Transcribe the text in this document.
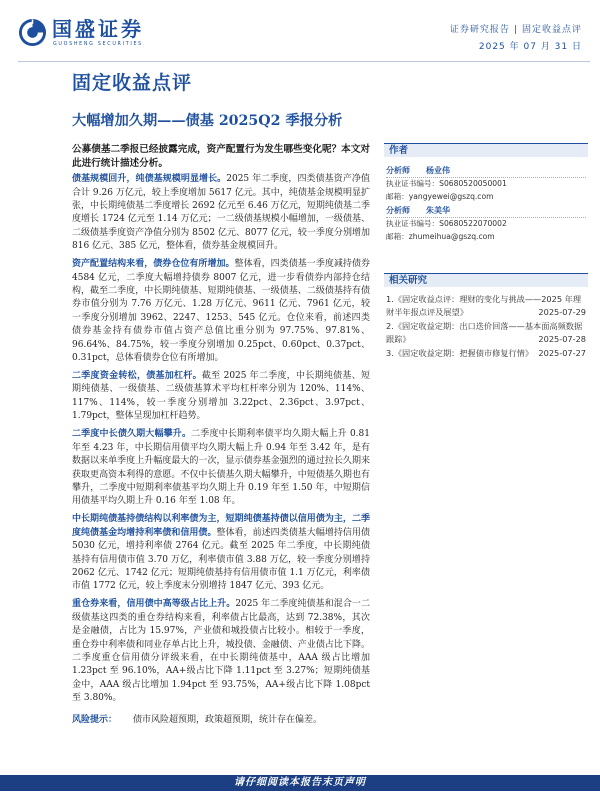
国盛证券
GUOSHENG SECURITIES
证券研究报告 | 固定收益点评
2025 年 07 月 31 日
固定收益点评
大幅增加久期——债基 2025Q2 季报分析

公募债基二季报已经披露完成，资产配置行为发生哪些变化呢？本文对此进行统计描述分析。

债基规模回升，纯债基规模明显增长。2025 年二季度，四类债基资产净值合计 9.26 万亿元，较上季度增加 5617 亿元。其中，纯债基金规模明显扩张，中长期纯债基二季度增长 2692 亿元至 6.46 万亿元，短期纯债基二季度增长 1724 亿元至 1.14 万亿元；一二级债基规模小幅增加，一级债基、二级债基季度资产净值分别为 8502 亿元、8077 亿元，较一季度分别增加 816 亿元、385 亿元，整体看，债券基金规模回升。

资产配置结构来看，债券仓位有所增加。整体看，四类债基一季度减持债券 4584 亿元，二季度大幅增持债券 8007 亿元，进一步看债券内部持仓结构，截至二季度，中长期纯债基、短期纯债基、一级债基、二级债基持有债券市值分别为 7.76 万亿元、1.28 万亿元、9611 亿元、7961 亿元，较一季度分别增加 3962、2247、1253、545 亿元。仓位来看，前述四类债券基金持有债券市值占资产总值比重分别为 97.75%、97.81%、96.64%、84.75%，较一季度分别增加 0.25pct、0.60pct、0.37pct、0.31pct，总体看债券仓位有所增加。

二季度资金转松，债基加杠杆。截至 2025 年二季度，中长期纯债基、短期纯债基、一级债基、二级债基算术平均杠杆率分别为 120%、114%、117%、114%，较一季度分别增加 3.22pct、2.36pct、3.97pct、1.79pct，整体呈现加杠杆趋势。

二季度中长债久期大幅攀升。二季度中长期利率债平均久期大幅上升 0.81 年至 4.23 年，中长期信用债平均久期大幅上升 0.94 年至 3.42 年，是有数据以来单季度上升幅度最大的一次，显示债券基金强烈的通过拉长久期来获取更高资本利得的意愿。不仅中长债基久期大幅攀升，中短债基久期也有攀升，二季度中短期利率债基平均久期上升 0.19 年至 1.50 年，中短期信用债基平均久期上升 0.16 年至 1.08 年。

中长期纯债基持债结构以利率债为主，短期纯债基持债以信用债为主，二季度纯债基金均增持利率债和信用债。整体看，前述四类债基大幅增持信用债 5030 亿元，增持利率债 2764 亿元。截至 2025 年二季度，中长期纯债基持有信用债市值 3.70 万亿，利率债市值 3.88 万亿，较一季度分别增持 2062 亿元、1742 亿元；短期纯债基持有信用债市值 1.1 万亿元，利率债市值 1772 亿元，较上季度末分别增持 1847 亿元、393 亿元。

重仓券来看，信用债中高等级占比上升。2025 年二季度纯债基和混合一二级债基这四类的重仓券结构来看，利率债占比最高，达到 72.38%，其次是金融债，占比为 15.97%，产业债和城投债占比较小。相较于一季度，重仓券中利率债和同业存单占比上升，城投债、金融债、产业债占比下降。二季度重仓信用债分评级来看，在中长期纯债基中，AAA 级占比增加 1.23pct 至 96.10%，AA+级占比下降 1.11pct 至 3.27%；短期纯债基金中，AAA 级占比增加 1.94pct 至 93.75%，AA+级占比下降 1.08pct 至 3.80%。

风险提示： 债市风险超预期，政策超预期，统计存在偏差。

作者
分析师 杨业伟
执业证书编号：S0680520050001
邮箱：yangyewei@gszq.com
分析师 朱美华
执业证书编号：S0680522070002
邮箱：zhumeihua@gszq.com
相关研究

1.《固定收益点评：理财的变化与挑战——2025 年理财半年报点评及展望》	2025-07-29

2.《固定收益定期：出口迭价回落——基本面高频数据跟踪》	2025-07-28

3.《固定收益定期：把握债市修复行情》 2025-07-27

请仔细阅读本报告末页声明
